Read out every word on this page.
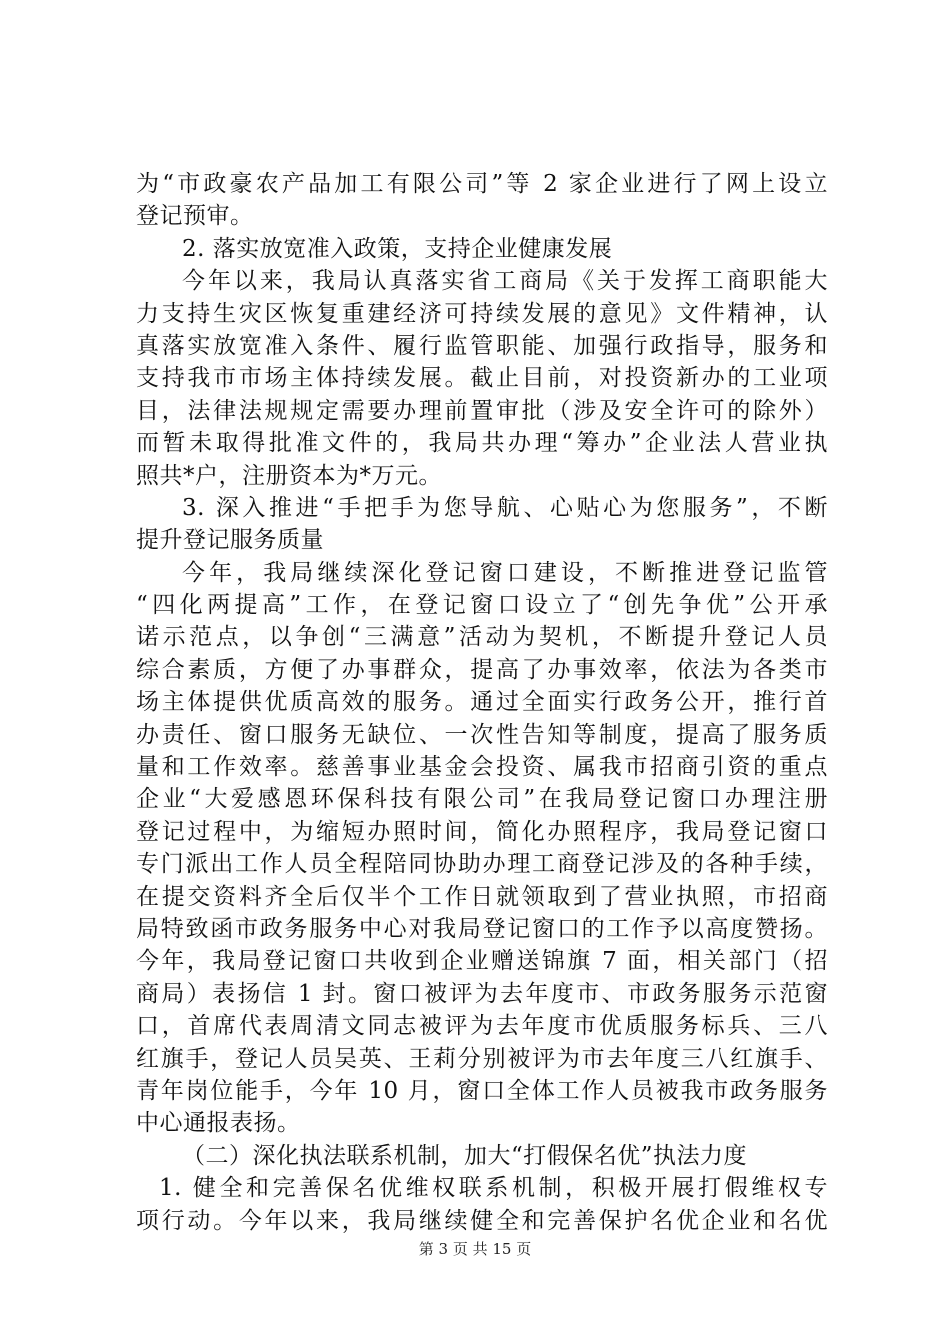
为“市政豪农产品加工有限公司”等 2 家企业进行了网上设立
登记预审。
2. 落实放宽准入政策，支持企业健康发展
今年以来，我局认真落实省工商局《关于发挥工商职能大
力支持生灾区恢复重建经济可持续发展的意见》文件精神，认
真落实放宽准入条件、履行监管职能、加强行政指导，服务和
支持我市市场主体持续发展。截止目前，对投资新办的工业项
目，法律法规规定需要办理前置审批（涉及安全许可的除外）
而暂未取得批准文件的，我局共办理“筹办”企业法人营业执
照共*户，注册资本为*万元。
3. 深入推进“手把手为您导航、心贴心为您服务”，不断
提升登记服务质量
今年，我局继续深化登记窗口建设，不断推进登记监管
“四化两提高”工作，在登记窗口设立了“创先争优”公开承
诺示范点，以争创“三满意”活动为契机，不断提升登记人员
综合素质，方便了办事群众，提高了办事效率，依法为各类市
场主体提供优质高效的服务。通过全面实行政务公开，推行首
办责任、窗口服务无缺位、一次性告知等制度，提高了服务质
量和工作效率。慈善事业基金会投资、属我市招商引资的重点
企业“大爱感恩环保科技有限公司”在我局登记窗口办理注册
登记过程中，为缩短办照时间，简化办照程序，我局登记窗口
专门派出工作人员全程陪同协助办理工商登记涉及的各种手续，
在提交资料齐全后仅半个工作日就领取到了营业执照，市招商
局特致函市政务服务中心对我局登记窗口的工作予以高度赞扬。
今年，我局登记窗口共收到企业赠送锦旗 7 面，相关部门（招
商局）表扬信 1 封。窗口被评为去年度市、市政务服务示范窗
口，首席代表周清文同志被评为去年度市优质服务标兵、三八
红旗手，登记人员吴英、王莉分别被评为市去年度三八红旗手、
青年岗位能手，今年 10 月，窗口全体工作人员被我市政务服务
中心通报表扬。
（二）深化执法联系机制，加大“打假保名优”执法力度
1. 健全和完善保名优维权联系机制，积极开展打假维权专
项行动。今年以来，我局继续健全和完善保护名优企业和名优
第 3 页 共 15 页
